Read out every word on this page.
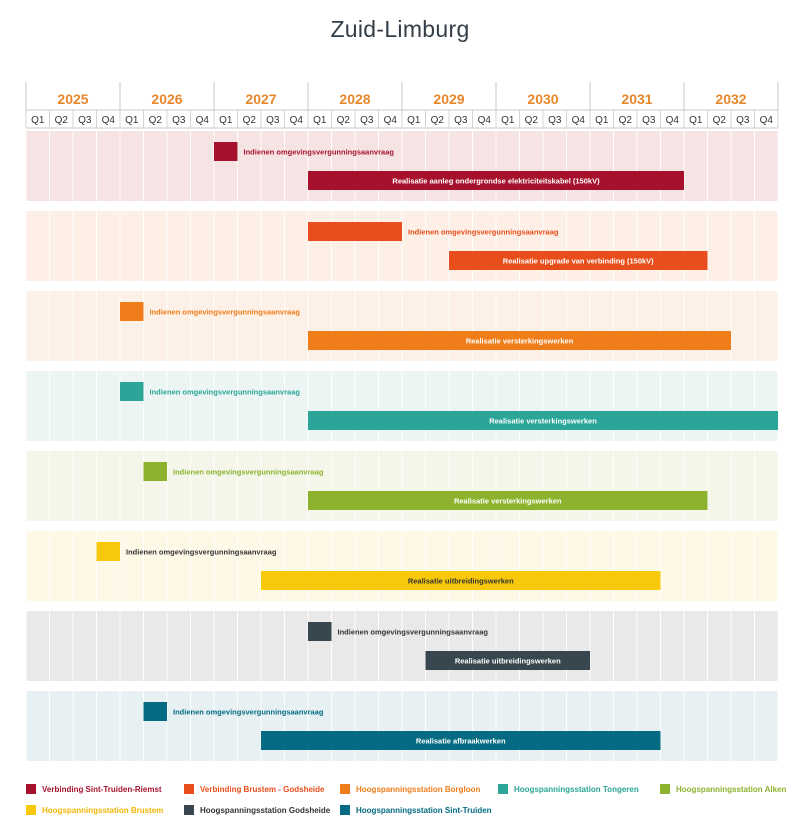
Zuid-Limburg
2025	2026	2027	2028	2029	2030	2031	2032
Q1 Q2 Q3 Q4 Q1 Q2 Q3 Q4 Q1 Q2 Q3 Q4 Q1 Q2 Q3 Q4 Q1 Q2 Q3 Q4 Q1 Q2 Q3 Q4 Q1 Q2 Q3 Q4 Q1 Q2 Q3 Q4
Indienen omgevingsvergunningsaanvraag
Realisatie aanleg ondergrondse elektriciteitskabel (150kV)
Indienen omgevingsvergunningsaanvraag
Realisatie upgrade van verbinding (150kV)
Indienen omgevingsvergunningsaanvraag
Realisatie versterkingswerken
Indienen omgevingsvergunningsaanvraag
Realisatie versterkingswerken
Indienen omgevingsvergunningsaanvraag
Realisatie versterkingswerken
Indienen omgevingsvergunningsaanvraag
Realisatie uitbreidingswerken
Indienen omgevingsvergunningsaanvraag
Realisatie uitbreidingswerken
Indienen omgevingsvergunningsaanvraag
Realisatie afbraakwerken
Verbinding Sint-Truiden-Riemst	Verbinding Brustem - Godsheide	Hoogspanningsstation Borgloon	Hoogspanningsstation Tongeren	Hoogspanningsstation Alken
Hoogspanningsstation Brustem	Hoogspanningsstation Godsheide	Hoogspanningsstation Sint-Truiden
